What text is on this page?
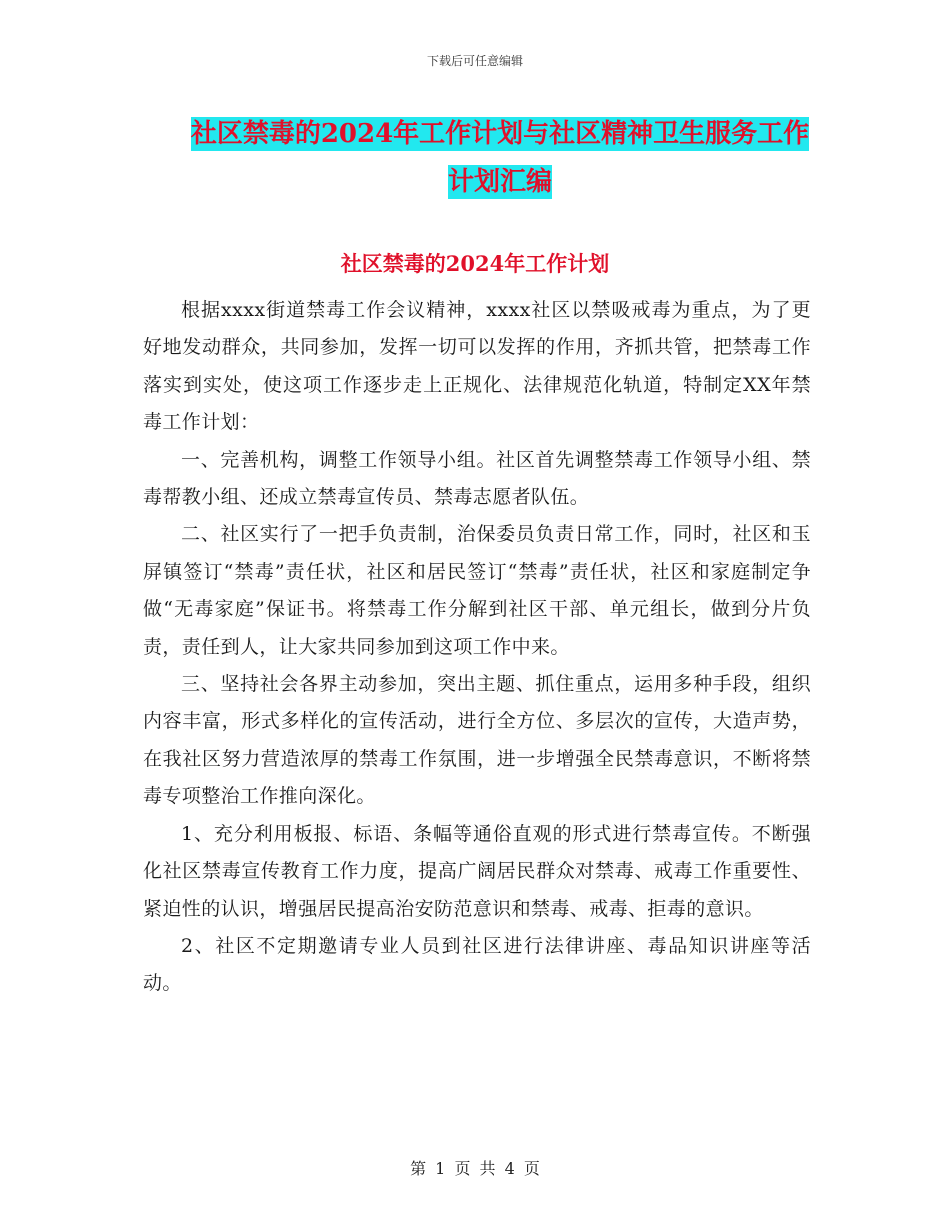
下载后可任意编辑
社区禁毒的2024年工作计划与社区精神卫生服务工作
计划汇编
社区禁毒的2024年工作计划

根据xxxx街道禁毒工作会议精神，xxxx社区以禁吸戒毒为重点，为了更好地发动群众，共同参加，发挥一切可以发挥的作用，齐抓共管，把禁毒工作落实到实处，使这项工作逐步走上正规化、法律规范化轨道，特制定XX年禁毒工作计划：

一、完善机构，调整工作领导小组。社区首先调整禁毒工作领导小组、禁毒帮教小组、还成立禁毒宣传员、禁毒志愿者队伍。

二、社区实行了一把手负责制，治保委员负责日常工作，同时，社区和玉屏镇签订“禁毒”责任状，社区和居民签订“禁毒”责任状，社区和家庭制定争做“无毒家庭”保证书。将禁毒工作分解到社区干部、单元组长，做到分片负责，责任到人，让大家共同参加到这项工作中来。

三、坚持社会各界主动参加，突出主题、抓住重点，运用多种手段，组织内容丰富，形式多样化的宣传活动，进行全方位、多层次的宣传，大造声势，在我社区努力营造浓厚的禁毒工作氛围，进一步增强全民禁毒意识，不断将禁毒专项整治工作推向深化。

1、充分利用板报、标语、条幅等通俗直观的形式进行禁毒宣传。不断强化社区禁毒宣传教育工作力度，提高广阔居民群众对禁毒、戒毒工作重要性、紧迫性的认识，增强居民提高治安防范意识和禁毒、戒毒、拒毒的意识。

2、社区不定期邀请专业人员到社区进行法律讲座、毒品知识讲座等活动。

第 1 页 共 4 页
